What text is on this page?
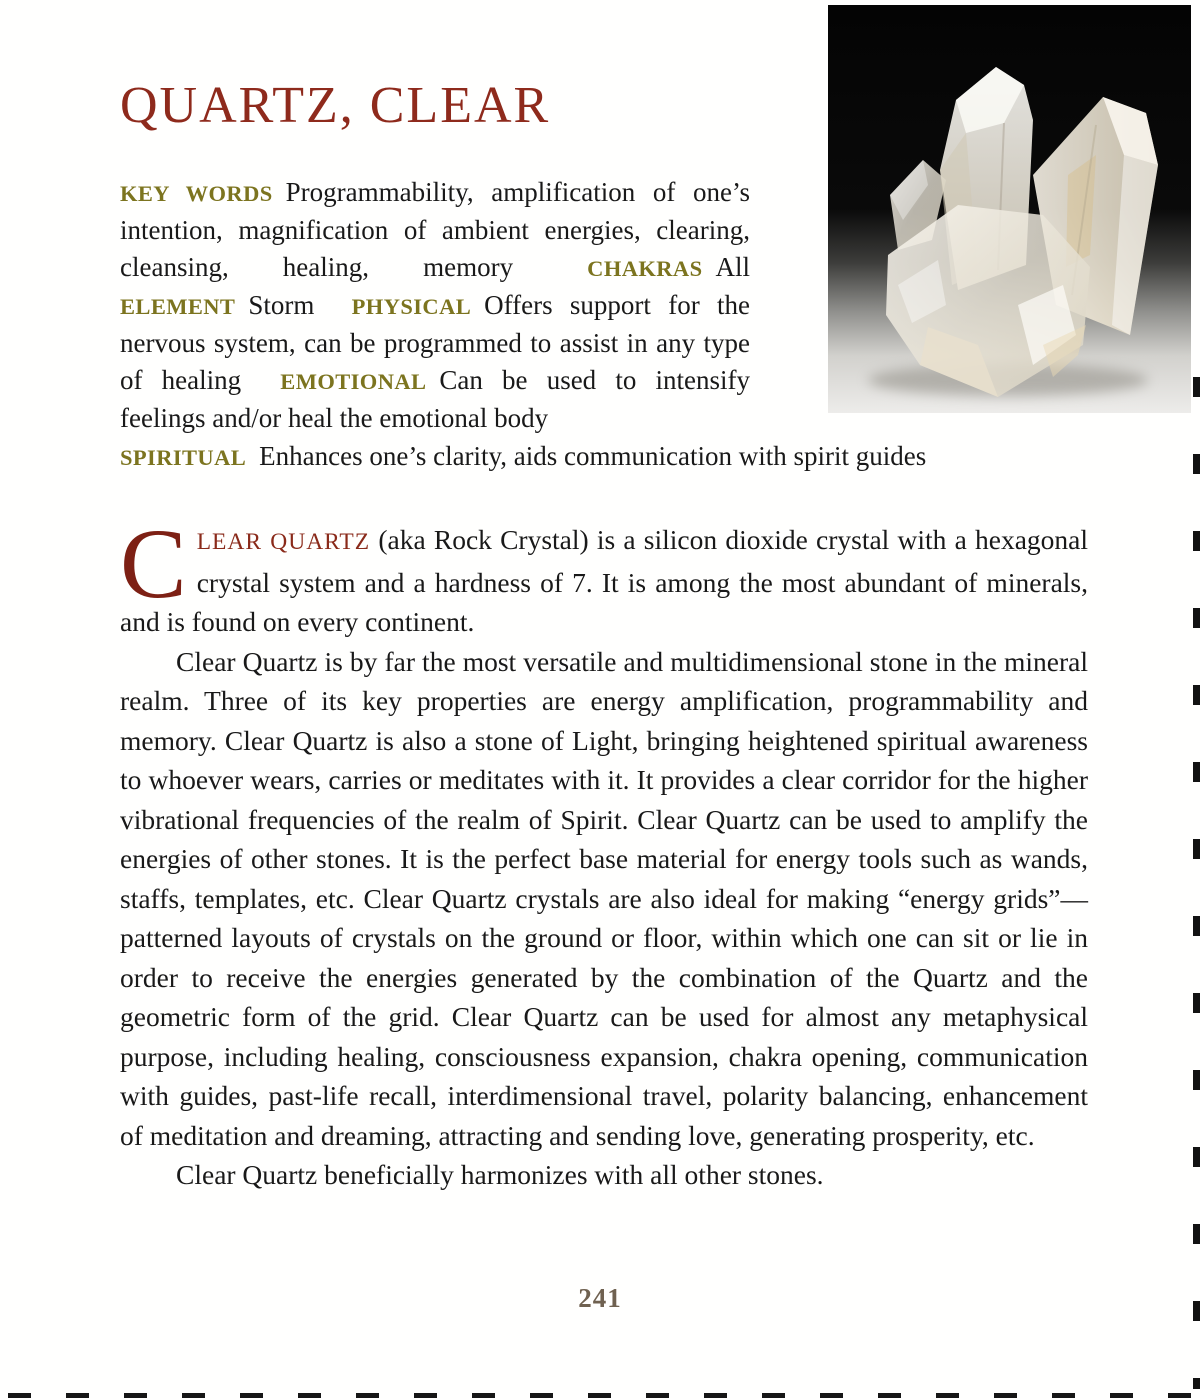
QUARTZ, CLEAR
KEY WORDS Programmability, amplification of one’s intention, magnification of ambient energies, clearing, cleansing, healing, memory	CHAKRAS All ELEMENT Storm PHYSICAL Offers support for the nervous system, can be programmed to assist in any type of healing EMOTIONAL Can be used to intensify feelings and/or heal the emotional body
SPIRITUAL Enhances one’s clarity, aids communication with spirit guides

CLEAR QUARTZ (aka Rock Crystal) is a silicon dioxide crystal with a hexagonal crystal system and a hardness of 7. It is among the most abundant of minerals, and is found on every continent.

Clear Quartz is by far the most versatile and multidimensional stone in the mineral realm. Three of its key properties are energy amplification, programmability and memory. Clear Quartz is also a stone of Light, bringing heightened spiritual awareness to whoever wears, carries or meditates with it. It provides a clear corridor for the higher vibrational frequencies of the realm of Spirit. Clear Quartz can be used to amplify the energies of other stones. It is the perfect base material for energy tools such as wands, staffs, templates, etc. Clear Quartz crystals are also ideal for making “energy grids”—patterned layouts of crystals on the ground or floor, within which one can sit or lie in order to receive the energies generated by the combination of the Quartz and the geometric form of the grid. Clear Quartz can be used for almost any metaphysical purpose, including healing, consciousness expansion, chakra opening, communication with guides, past-life recall, interdimensional travel, polarity balancing, enhancement of meditation and dreaming, attracting and sending love, generating prosperity, etc.

Clear Quartz beneficially harmonizes with all other stones.

241
